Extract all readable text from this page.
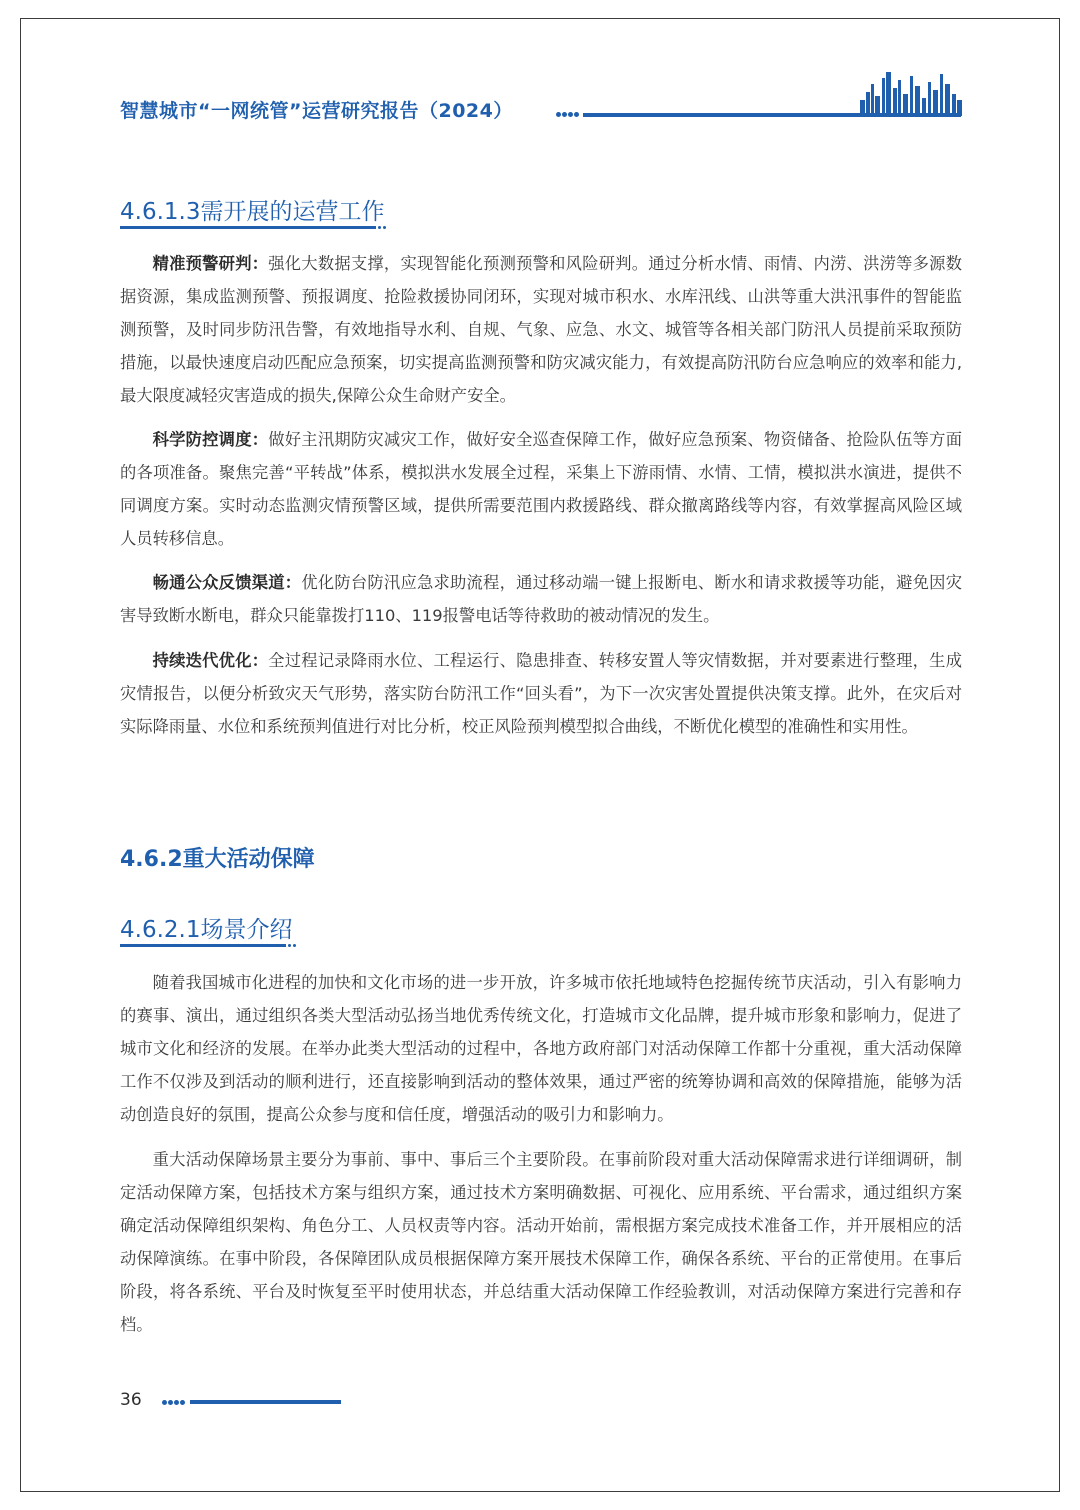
智慧城市“一网统管”运营研究报告（2024）
4.6.1.3需开展的运营工作

精准预警研判：强化大数据支撑，实现智能化预测预警和风险研判。通过分析水情、雨情、内涝、洪涝等多源数据资源，集成监测预警、预报调度、抢险救援协同闭环，实现对城市积水、水库汛线、山洪等重大洪汛事件的智能监测预警，及时同步防汛告警，有效地指导水利、自规、气象、应急、水文、城管等各相关部门防汛人员提前采取预防措施，以最快速度启动匹配应急预案，切实提高监测预警和防灾减灾能力，有效提高防汛防台应急响应的效率和能力,最大限度减轻灾害造成的损失,保障公众生命财产安全。

科学防控调度：做好主汛期防灾减灾工作，做好安全巡查保障工作，做好应急预案、物资储备、抢险队伍等方面的各项准备。聚焦完善“平转战”体系，模拟洪水发展全过程，采集上下游雨情、水情、工情，模拟洪水演进，提供不同调度方案。实时动态监测灾情预警区域，提供所需要范围内救援路线、群众撤离路线等内容，有效掌握高风险区域人员转移信息。

畅通公众反馈渠道：优化防台防汛应急求助流程，通过移动端一键上报断电、断水和请求救援等功能，避免因灾害导致断水断电，群众只能靠拨打110、119报警电话等待救助的被动情况的发生。

持续迭代优化：全过程记录降雨水位、工程运行、隐患排查、转移安置人等灾情数据，并对要素进行整理，生成灾情报告，以便分析致灾天气形势，落实防台防汛工作“回头看”，为下一次灾害处置提供决策支撑。此外，在灾后对实际降雨量、水位和系统预判值进行对比分析，校正风险预判模型拟合曲线，不断优化模型的准确性和实用性。

4.6.2重大活动保障
4.6.2.1场景介绍

随着我国城市化进程的加快和文化市场的进一步开放，许多城市依托地域特色挖掘传统节庆活动，引入有影响力的赛事、演出，通过组织各类大型活动弘扬当地优秀传统文化，打造城市文化品牌，提升城市形象和影响力，促进了城市文化和经济的发展。在举办此类大型活动的过程中，各地方政府部门对活动保障工作都十分重视，重大活动保障工作不仅涉及到活动的顺利进行，还直接影响到活动的整体效果，通过严密的统筹协调和高效的保障措施，能够为活动创造良好的氛围，提高公众参与度和信任度，增强活动的吸引力和影响力。

重大活动保障场景主要分为事前、事中、事后三个主要阶段。在事前阶段对重大活动保障需求进行详细调研，制定活动保障方案，包括技术方案与组织方案，通过技术方案明确数据、可视化、应用系统、平台需求，通过组织方案确定活动保障组织架构、角色分工、人员权责等内容。活动开始前，需根据方案完成技术准备工作，并开展相应的活动保障演练。在事中阶段，各保障团队成员根据保障方案开展技术保障工作，确保各系统、平台的正常使用。在事后阶段，将各系统、平台及时恢复至平时使用状态，并总结重大活动保障工作经验教训，对活动保障方案进行完善和存档。

36
